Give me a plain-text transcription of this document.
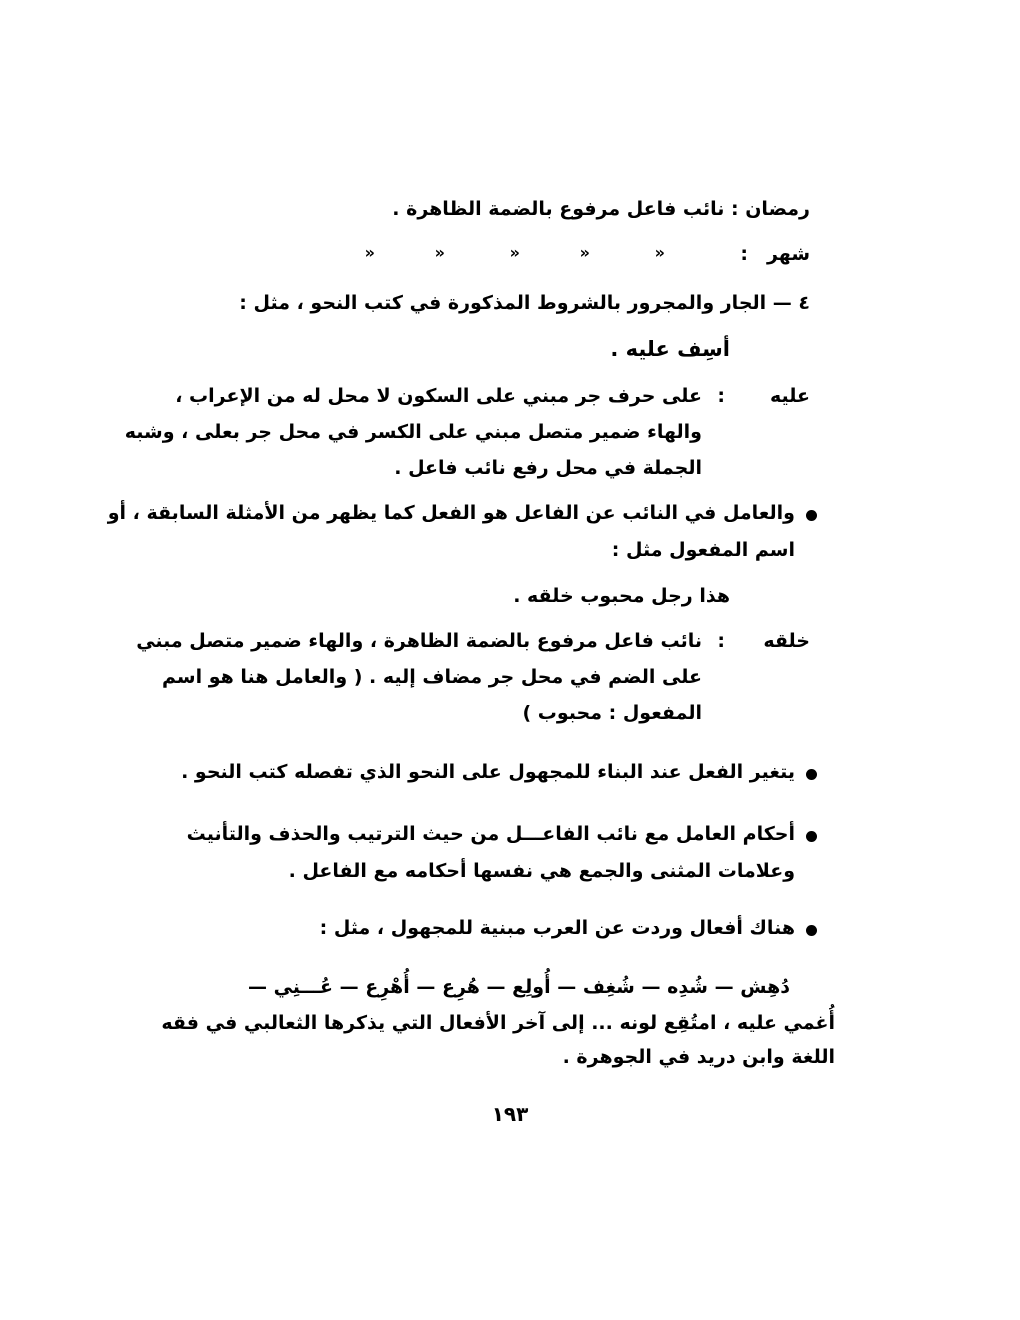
رمضان : نائب فاعل مرفوع بالضمة الظاهرة .
شهر
:
»
»
»
»
»
٤ — الجار والمجرور بالشروط المذكورة في كتب النحو ، مثل :
أسِف عليه .
عليه
:
على حرف جر مبني على السكون لا محل له من الإعراب ،
والهاء ضمير متصل مبني على الكسر في محل جر بعلى ، وشبه
الجملة في محل رفع نائب فاعل .
والعامل في النائب عن الفاعل هو الفعل كما يظهر من الأمثلة السابقة ، أو
اسم المفعول مثل :
هذا رجل محبوب خلقه .
خلقه
:
نائب فاعل مرفوع بالضمة الظاهرة ، والهاء ضمير متصل مبني
على الضم في محل جر مضاف إليه . ( والعامل هنا هو اسم
المفعول : محبوب )
يتغير الفعل عند البناء للمجهول على النحو الذي تفصله كتب النحو .
أحكام العامل مع نائب الفاعـــل من حيث الترتيب والحذف والتأنيث
وعلامات المثنى والجمع هي نفسها أحكامه مع الفاعل .
هناك أفعال وردت عن العرب مبنية للمجهول ، مثل :
دُهِش — شُدِه — شُغِف — أُولِع — هُرِع — أُهْرِع — عُـــنِي —
أُغمي عليه ، امتُقِع لونه ... إلى آخر الأفعال التي يذكرها الثعالبي في فقه
اللغة وابن دريد في الجوهرة .
١٩٣
